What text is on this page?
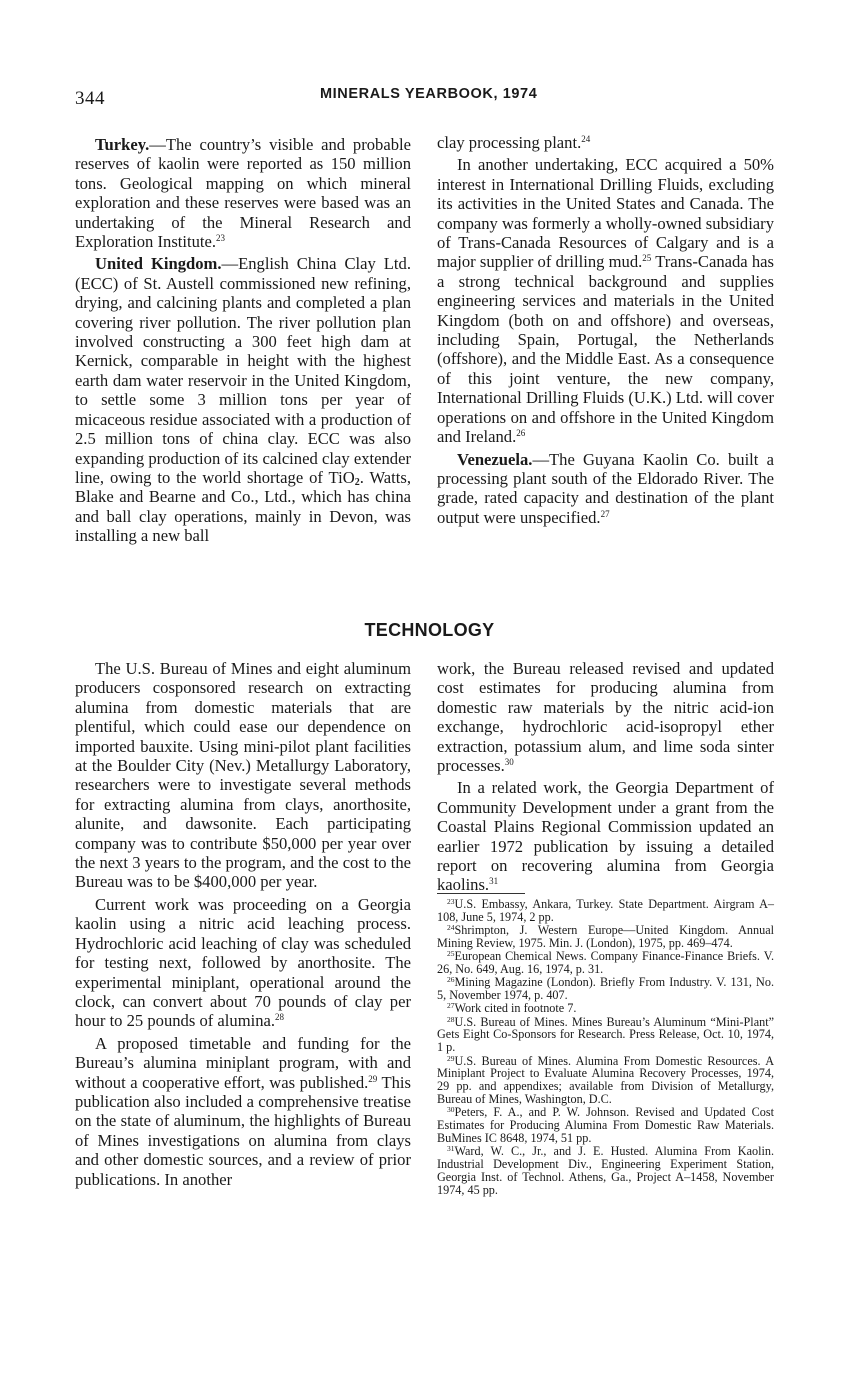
344	MINERALS YEARBOOK, 1974

Turkey.—The country’s visible and probable reserves of kaolin were reported as 150 million tons. Geological mapping on which mineral exploration and these reserves were based was an undertaking of the Mineral Research and Exploration Institute.$^{23}$

United Kingdom.—English China Clay Ltd. (ECC) of St. Austell commissioned new refining, drying, and calcining plants and completed a plan covering river pollution. The river pollution plan involved constructing a 300 feet high dam at Kernick, comparable in height with the highest earth dam water reservoir in the United Kingdom, to settle some 3 million tons per year of micaceous residue associated with a production of 2.5 million tons of china clay. ECC was also expanding production of its calcined clay extender line, owing to the world shortage of TiO$_2$. Watts, Blake and Bearne and Co., Ltd., which has china and ball clay operations, mainly in Devon, was installing a new ball

clay processing plant.$^{24}$

In another undertaking, ECC acquired a 50% interest in International Drilling Fluids, excluding its activities in the United States and Canada. The company was formerly a wholly-owned subsidiary of Trans-Canada Resources of Calgary and is a major supplier of drilling mud.$^{25}$ Trans-Canada has a strong technical background and supplies engineering services and materials in the United Kingdom (both on and offshore) and overseas, including Spain, Portugal, the Netherlands (offshore), and the Middle East. As a consequence of this joint venture, the new company, International Drilling Fluids (U.K.) Ltd. will cover operations on and offshore in the United Kingdom and Ireland.$^{26}$

Venezuela.—The Guyana Kaolin Co. built a processing plant south of the Eldorado River. The grade, rated capacity and destination of the plant output were unspecified.$^{27}$

TECHNOLOGY

The U.S. Bureau of Mines and eight aluminum producers cosponsored research on extracting alumina from domestic materials that are plentiful, which could ease our dependence on imported bauxite. Using mini-pilot plant facilities at the Boulder City (Nev.) Metallurgy Laboratory, researchers were to investigate several methods for extracting alumina from clays, anorthosite, alunite, and dawsonite. Each participating company was to contribute $50,000 per year over the next 3 years to the program, and the cost to the Bureau was to be $400,000 per year.

Current work was proceeding on a Georgia kaolin using a nitric acid leaching process. Hydrochloric acid leaching of clay was scheduled for testing next, followed by anorthosite. The experimental miniplant, operational around the clock, can convert about 70 pounds of clay per hour to 25 pounds of alumina.$^{28}$

A proposed timetable and funding for the Bureau’s alumina miniplant program, with and without a cooperative effort, was published.$^{29}$ This publication also included a comprehensive treatise on the state of aluminum, the highlights of Bureau of Mines investigations on alumina from clays and other domestic sources, and a review of prior publications. In another

work, the Bureau released revised and updated cost estimates for producing alumina from domestic raw materials by the nitric acid-ion exchange, hydrochloric acid-isopropyl ether extraction, potassium alum, and lime soda sinter processes.$^{30}$

In a related work, the Georgia Department of Community Development under a grant from the Coastal Plains Regional Commission updated an earlier 1972 publication by issuing a detailed report on recovering alumina from Georgia kaolins.$^{31}$

$^{23}$U.S. Embassy, Ankara, Turkey. State Department. Airgram A–108, June 5, 1974, 2 pp.

$^{24}$Shrimpton, J. Western Europe—United Kingdom. Annual Mining Review, 1975. Min. J. (London), 1975, pp. 469–474.

$^{25}$European Chemical News. Company Finance-Finance Briefs. V. 26, No. 649, Aug. 16, 1974, p. 31.

$^{26}$Mining Magazine (London). Briefly From Industry. V. 131, No. 5, November 1974, p. 407.

$^{27}$Work cited in footnote 7.

$^{28}$U.S. Bureau of Mines. Mines Bureau’s Aluminum “Mini-Plant” Gets Eight Co-Sponsors for Research. Press Release, Oct. 10, 1974, 1 p.

$^{29}$U.S. Bureau of Mines. Alumina From Domestic Resources. A Miniplant Project to Evaluate Alumina Recovery Processes, 1974, 29 pp. and appendixes; available from Division of Metallurgy, Bureau of Mines, Washington, D.C.

$^{30}$Peters, F. A., and P. W. Johnson. Revised and Updated Cost Estimates for Producing Alumina From Domestic Raw Materials. BuMines IC 8648, 1974, 51 pp.

$^{31}$Ward, W. C., Jr., and J. E. Husted. Alumina From Kaolin. Industrial Development Div., Engineering Experiment Station, Georgia Inst. of Technol. Athens, Ga., Project A–1458, November 1974, 45 pp.
